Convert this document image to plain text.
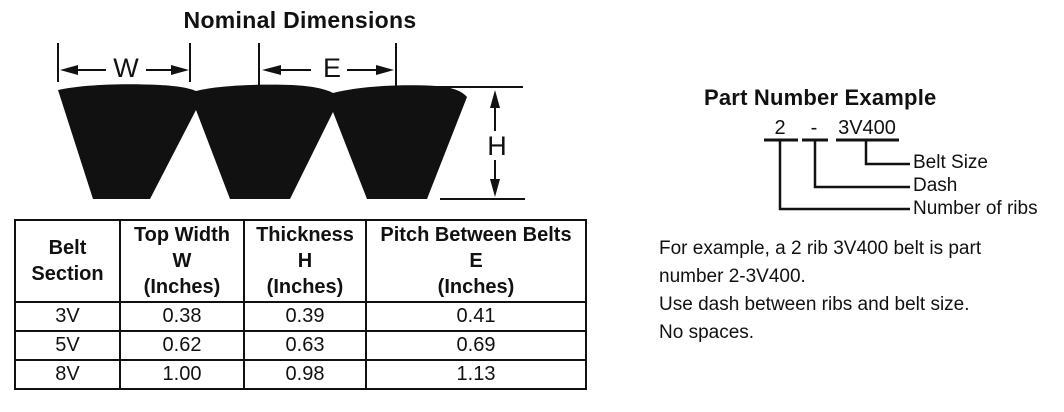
Nominal Dimensions
W	E
H
Belt
Section

Top Width
W
(Inches)

Thickness
H
(Inches)

Pitch Between Belts
E
(Inches)

3V	0.38	0.39	0.41
5V	0.62	0.63	0.69
8V	1.00	0.98	1.13
Part Number Example
2	-	3V400
Belt Size
Dash
Number of ribs
For example, a 2 rib 3V400 belt is part
number 2-3V400.
Use dash between ribs and belt size.
No spaces.
